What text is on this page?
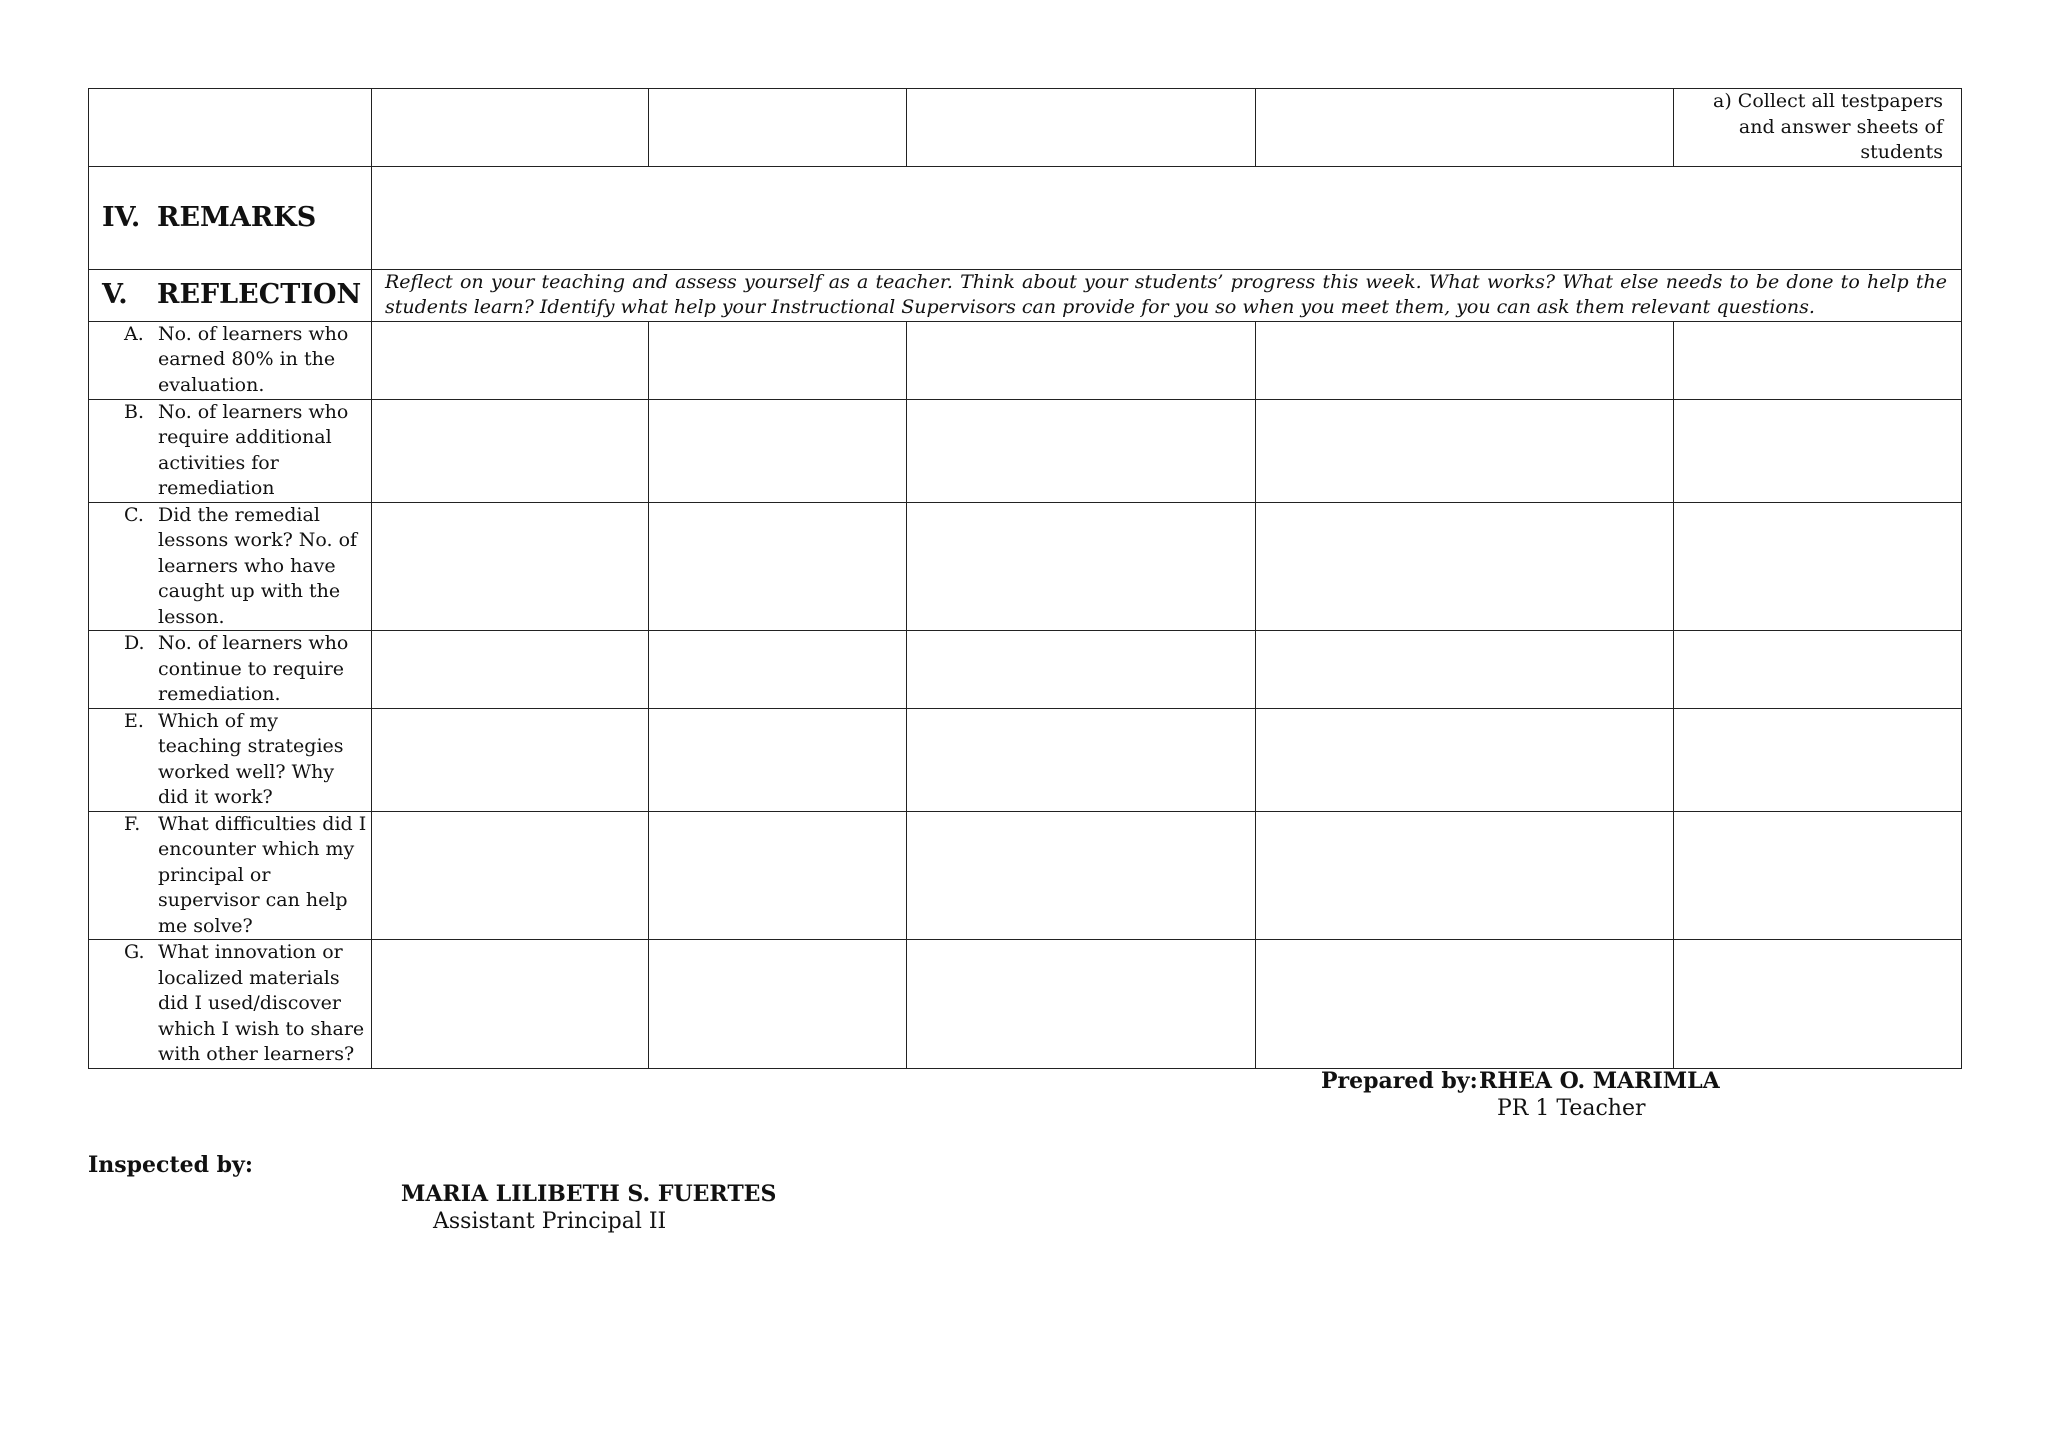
					a) Collect all testpapers and answer sheets of students

IV. REMARKS					

V. REFLECTION	Reflect on your teaching and assess yourself as a teacher. Think about your students’ progress this week. What works? What else needs to be done to help the students learn? Identify what help your Instructional Supervisors can provide for you so when you meet them, you can ask them relevant questions.				

A. No. of learners who earned 80% in the evaluation.					

B. No. of learners who require additional activities for remediation					

C. Did the remedial lessons work? No. of learners who have caught up with the lesson.					

D. No. of learners who continue to require remediation.					

E. Which of my teaching strategies worked well? Why did it work?					

F. What difficulties did I encounter which my principal or supervisor can help me solve?					

G. What innovation or localized materials did I used/discover which I wish to share with other learners?					

Prepared by: RHEA O. MARIMLA
PR 1 Teacher
Inspected by:
MARIA LILIBETH S. FUERTES
Assistant Principal II
